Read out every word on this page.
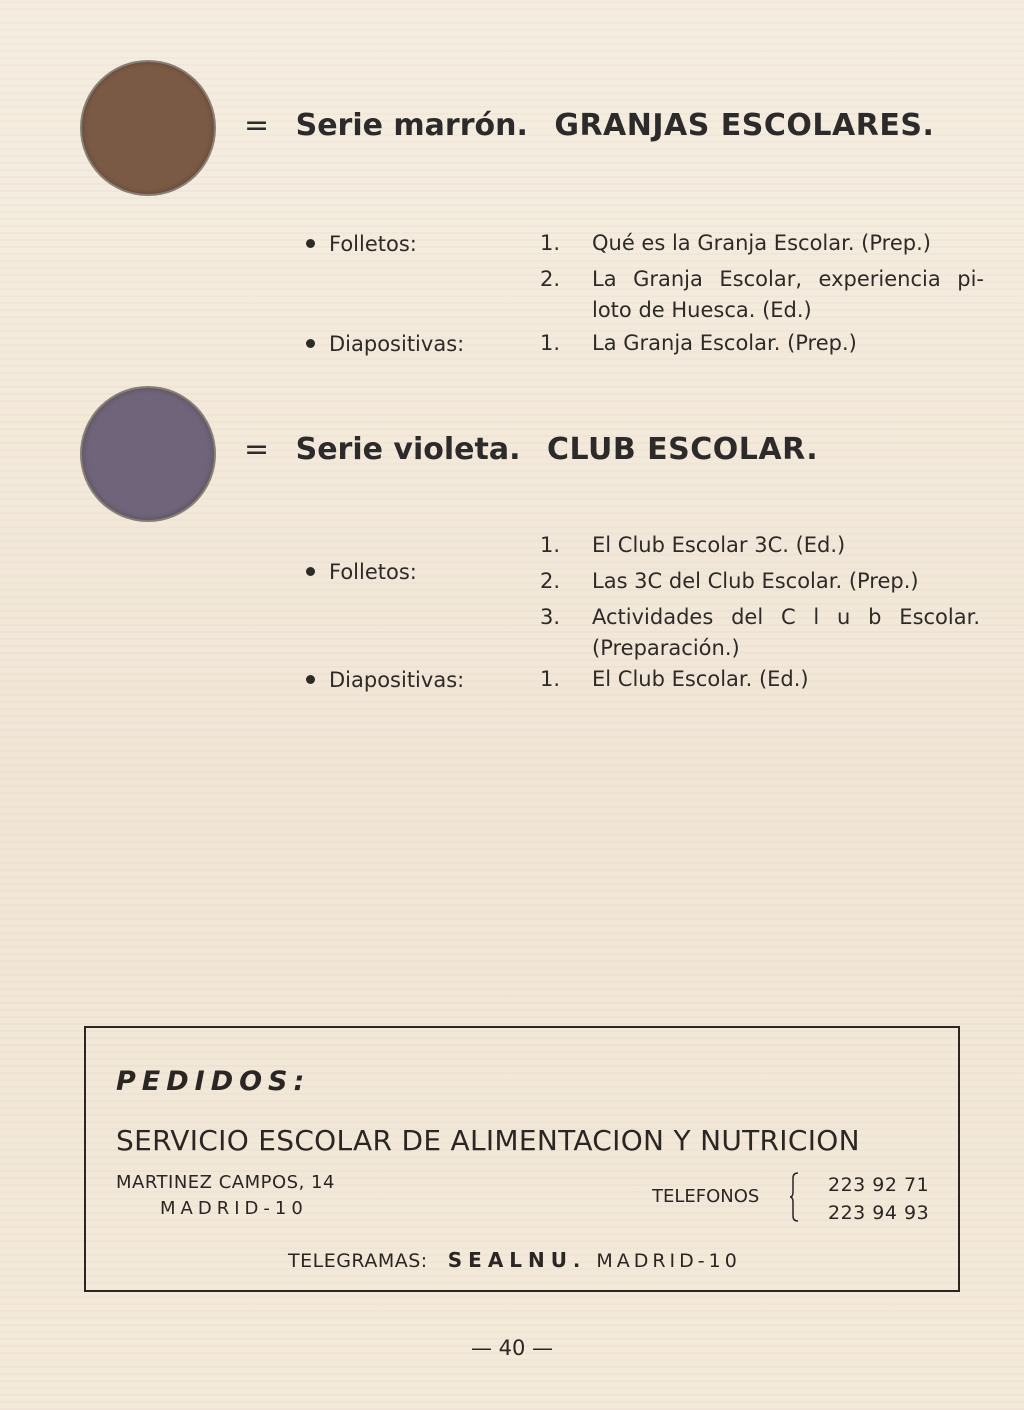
= Serie marrón. GRANJAS ESCOLARES.
Folletos:	1. Qué es la Granja Escolar. (Prep.)
2. La Granja Escolar, experiencia pi- loto de Huesca. (Ed.)
Diapositivas:	1. La Granja Escolar. (Prep.)
= Serie violeta. CLUB ESCOLAR.
Folletos:
1. El Club Escolar 3C. (Ed.)
2. Las 3C del Club Escolar. (Prep.)
3. Actividades del C l u b Escolar. (Preparación.)
Diapositivas:	1. El Club Escolar. (Ed.)
PEDIDOS:
SERVICIO ESCOLAR DE ALIMENTACION Y NUTRICION
MARTINEZ CAMPOS, 14
MADRID-10
TELEFONOS
223 92 71
223 94 93
TELEGRAMAS: SEALNU. MADRID-10
— 40 —
